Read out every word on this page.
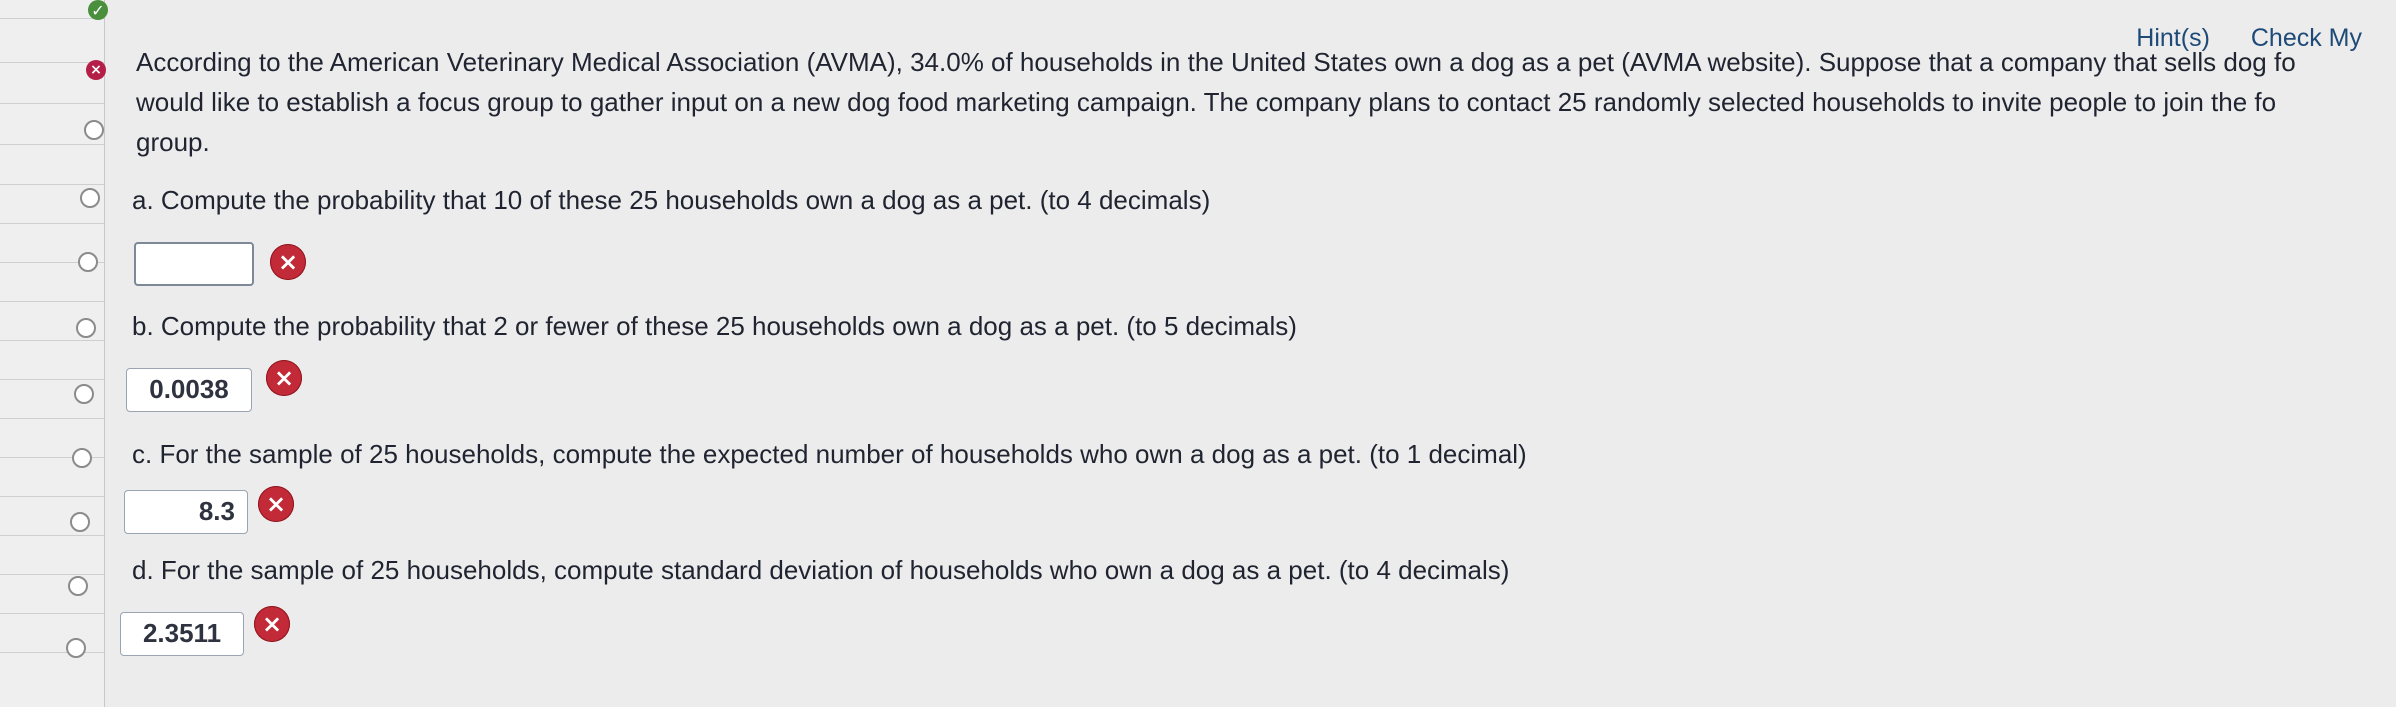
✓
×
Hint(s) Check My
According to the American Veterinary Medical Association (AVMA), 34.0% of households in the United States own a dog as a pet (AVMA website). Suppose that a company that sells dog fo
would like to establish a focus group to gather input on a new dog food marketing campaign. The company plans to contact 25 randomly selected households to invite people to join the fo
group.
a. Compute the probability that 10 of these 25 households own a dog as a pet. (to 4 decimals)
×
b. Compute the probability that 2 or fewer of these 25 households own a dog as a pet. (to 5 decimals)
0.0038	×
c. For the sample of 25 households, compute the expected number of households who own a dog as a pet. (to 1 decimal)
8.3	×
d. For the sample of 25 households, compute standard deviation of households who own a dog as a pet. (to 4 decimals)
2.3511	×
